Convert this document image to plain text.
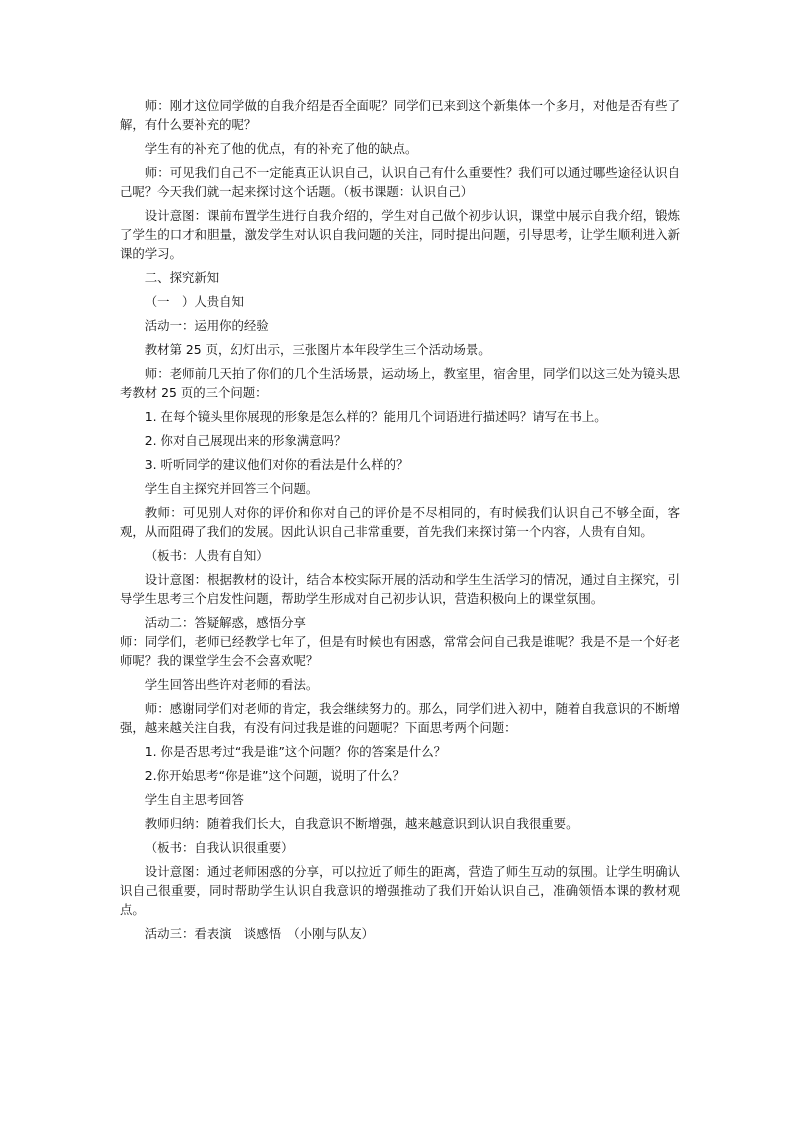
师：刚才这位同学做的自我介绍是否全面呢？同学们已来到这个新集体一个多月，对他是否有些了解，有什么要补充的呢？

学生有的补充了他的优点，有的补充了他的缺点。

师：可见我们自己不一定能真正认识自己，认识自己有什么重要性？我们可以通过哪些途径认识自己呢？今天我们就一起来探讨这个话题。（板书课题：认识自己）

设计意图：课前布置学生进行自我介绍的，学生对自己做个初步认识，课堂中展示自我介绍，锻炼了学生的口才和胆量，激发学生对认识自我问题的关注，同时提出问题，引导思考，让学生顺利进入新课的学习。

二、探究新知

（一　）人贵自知

活动一：运用你的经验

教材第 25 页，幻灯出示，三张图片本年段学生三个活动场景。

师：老师前几天拍了你们的几个生活场景，运动场上，教室里，宿舍里，同学们以这三处为镜头思考教材 25 页的三个问题：

1. 在每个镜头里你展现的形象是怎么样的？能用几个词语进行描述吗？请写在书上。

2. 你对自己展现出来的形象满意吗？

3. 听听同学的建议他们对你的看法是什么样的？

学生自主探究并回答三个问题。

教师：可见别人对你的评价和你对自己的评价是不尽相同的，有时候我们认识自己不够全面，客观，从而阻碍了我们的发展。因此认识自己非常重要，首先我们来探讨第一个内容，人贵有自知。

（板书：人贵有自知）

设计意图：根据教材的设计，结合本校实际开展的活动和学生生活学习的情况，通过自主探究，引导学生思考三个启发性问题，帮助学生形成对自己初步认识，营造积极向上的课堂氛围。

活动二：答疑解惑，感悟分享

师：同学们，老师已经教学七年了，但是有时候也有困惑，常常会问自己我是谁呢？我是不是一个好老师呢？我的课堂学生会不会喜欢呢？

学生回答出些许对老师的看法。

师：感谢同学们对老师的肯定，我会继续努力的。那么，同学们进入初中，随着自我意识的不断增强，越来越关注自我，有没有问过我是谁的问题呢？下面思考两个问题：

1. 你是否思考过“我是谁”这个问题？你的答案是什么？

2.你开始思考“你是谁”这个问题，说明了什么？

学生自主思考回答

教师归纳：随着我们长大，自我意识不断增强，越来越意识到认识自我很重要。

（板书：自我认识很重要）

设计意图：通过老师困惑的分享，可以拉近了师生的距离，营造了师生互动的氛围。让学生明确认识自己很重要，同时帮助学生认识自我意识的增强推动了我们开始认识自己，准确领悟本课的教材观点。

活动三：看表演　谈感悟　（小刚与队友）
